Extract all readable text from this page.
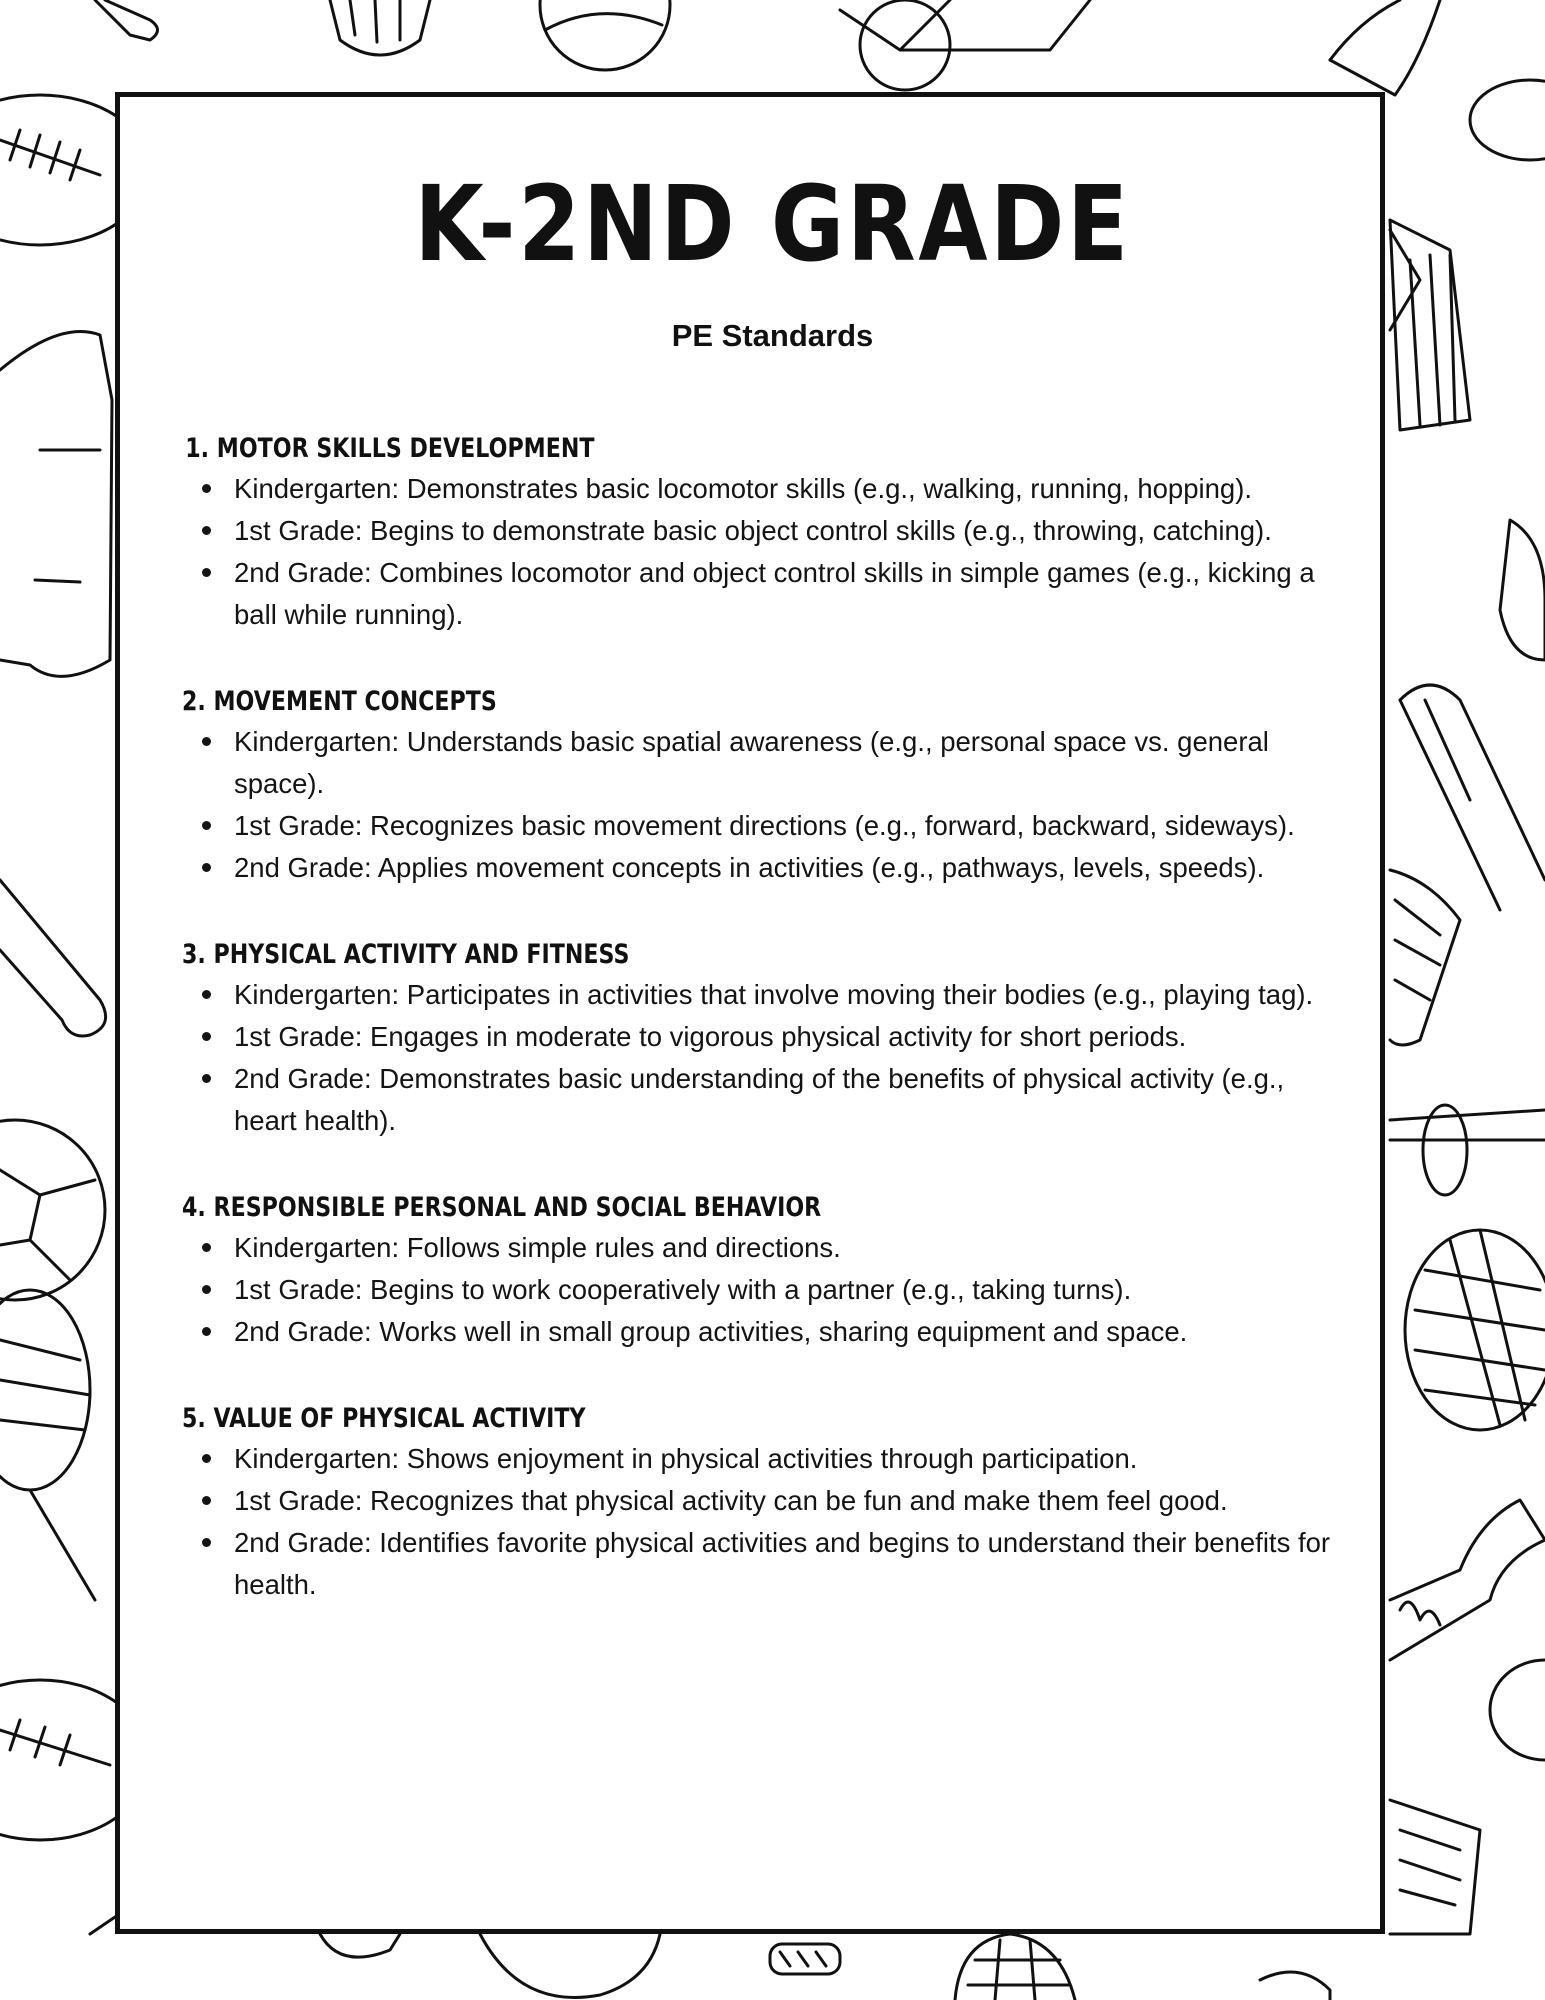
K-2ND GRADE

PE Standards

1. MOTOR SKILLS DEVELOPMENT
Kindergarten: Demonstrates basic locomotor skills (e.g., walking, running, hopping).
1st Grade: Begins to demonstrate basic object control skills (e.g., throwing, catching).
2nd Grade: Combines locomotor and object control skills in simple games (e.g., kicking a ball while running).
2. MOVEMENT CONCEPTS
Kindergarten: Understands basic spatial awareness (e.g., personal space vs. general space).
1st Grade: Recognizes basic movement directions (e.g., forward, backward, sideways).
2nd Grade: Applies movement concepts in activities (e.g., pathways, levels, speeds).
3. PHYSICAL ACTIVITY AND FITNESS
Kindergarten: Participates in activities that involve moving their bodies (e.g., playing tag).
1st Grade: Engages in moderate to vigorous physical activity for short periods.
2nd Grade: Demonstrates basic understanding of the benefits of physical activity (e.g., heart health).
4. RESPONSIBLE PERSONAL AND SOCIAL BEHAVIOR
Kindergarten: Follows simple rules and directions.
1st Grade: Begins to work cooperatively with a partner (e.g., taking turns).
2nd Grade: Works well in small group activities, sharing equipment and space.
5. VALUE OF PHYSICAL ACTIVITY
Kindergarten: Shows enjoyment in physical activities through participation.
1st Grade: Recognizes that physical activity can be fun and make them feel good.
2nd Grade: Identifies favorite physical activities and begins to understand their benefits for health.
